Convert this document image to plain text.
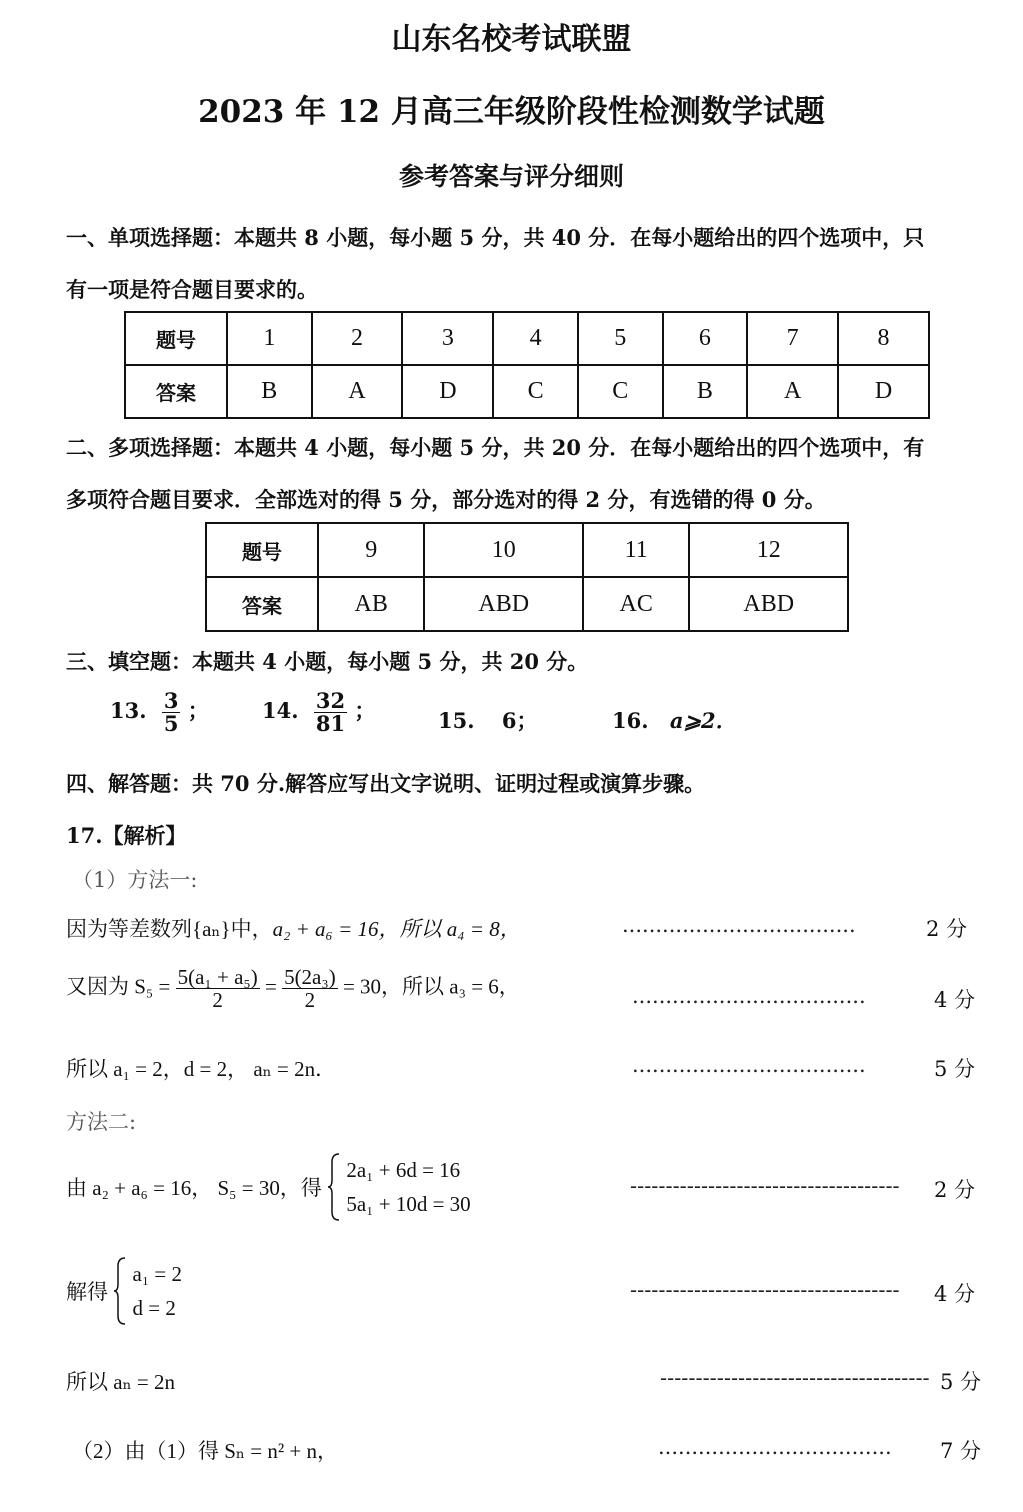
山东名校考试联盟
2023 年 12 月高三年级阶段性检测数学试题
参考答案与评分细则
一、单项选择题：本题共 8 小题，每小题 5 分，共 40 分．在每小题给出的四个选项中，只
有一项是符合题目要求的。
题号	1	2	3	4	5	6	7	8
答案	B	A	D	C	C	B	A	D
二、多项选择题：本题共 4 小题，每小题 5 分，共 20 分．在每小题给出的四个选项中，有
多项符合题目要求．全部选对的得 5 分，部分选对的得 2 分，有选错的得 0 分。
题号	9	10	11	12
答案	AB	ABD	AC	ABD
三、填空题：本题共 4 小题，每小题 5 分，共 20 分。
13. $\frac{3}{5}$ ；	14. $\frac{32}{81}$ ；	15. 6；	16. a⩾2．
四、解答题：共 70 分.解答应写出文字说明、证明过程或演算步骤。
17.【解析】
（1）方法一:
因为等差数列{aₙ}中，a₂ + a₆ = 16，所以 a₄ = 8，	...................................	2 分
又因为 $S_5 = \frac{\text{5(a₁ + a₅)}}{2} = \frac{\text{5(2a₃)}}{2} = 30$，所以 a₃ = 6，	...................................	4 分
所以 a₁ = 2，d = 2， aₙ = 2n．	...................................	5 分
方法二:
由 a₂ + a₆ = 16， S₅ = 30，得
2a₁ + 6d = 16
5a₁ + 10d = 30
-------------------------------------- 2 分
解得
a₁ = 2
d = 2
-------------------------------------- 4 分
所以 aₙ = 2n	-------------------------------------- 5 分
（2）由（1）得 Sₙ = n² + n，	................................... 7 分
